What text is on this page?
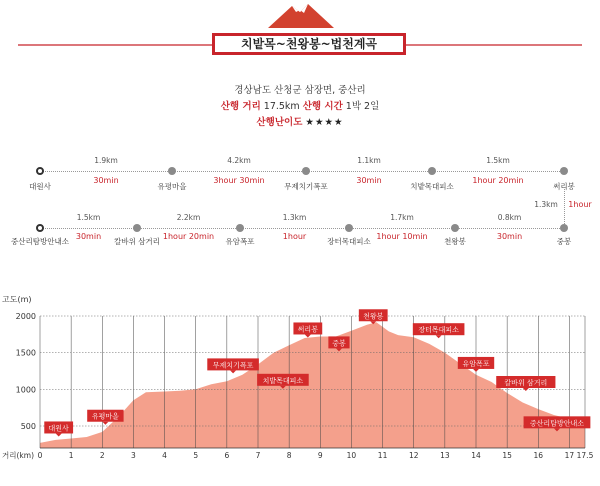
치밭목~천왕봉~법천계곡
경상남도 산청군 삼장면, 중산리
산행 거리 17.5km 산행 시간 1박 2일
산행난이도 ★★★★
대원사	유평마을	무제치기폭포	치밭목대피소	써리봉
1.9km
30min
4.2km
3hour 30min
1.1km
30min
1.5km
1hour 20min
1.3km 1hour
중산리탐방안내소	칼바위 삼거리	유암폭포	장터목대피소	천왕봉	중봉
1.5km
30min
2.2km
1hour 20min
1.3km
1hour
1.7km
1hour 10min
0.8km
30min
고도(m)
2000
1500
1000
500
거리(km) 0	1	2	3	4	5	6	7	8	9	10	11	12	13	14	15	16	17 17.5
대원사
유평마을
무제치기폭포
치밭목대피소
써리봉
중봉
천왕봉
장터목대피소
유암폭포
칼바위 삼거리
중산리탐방안내소
